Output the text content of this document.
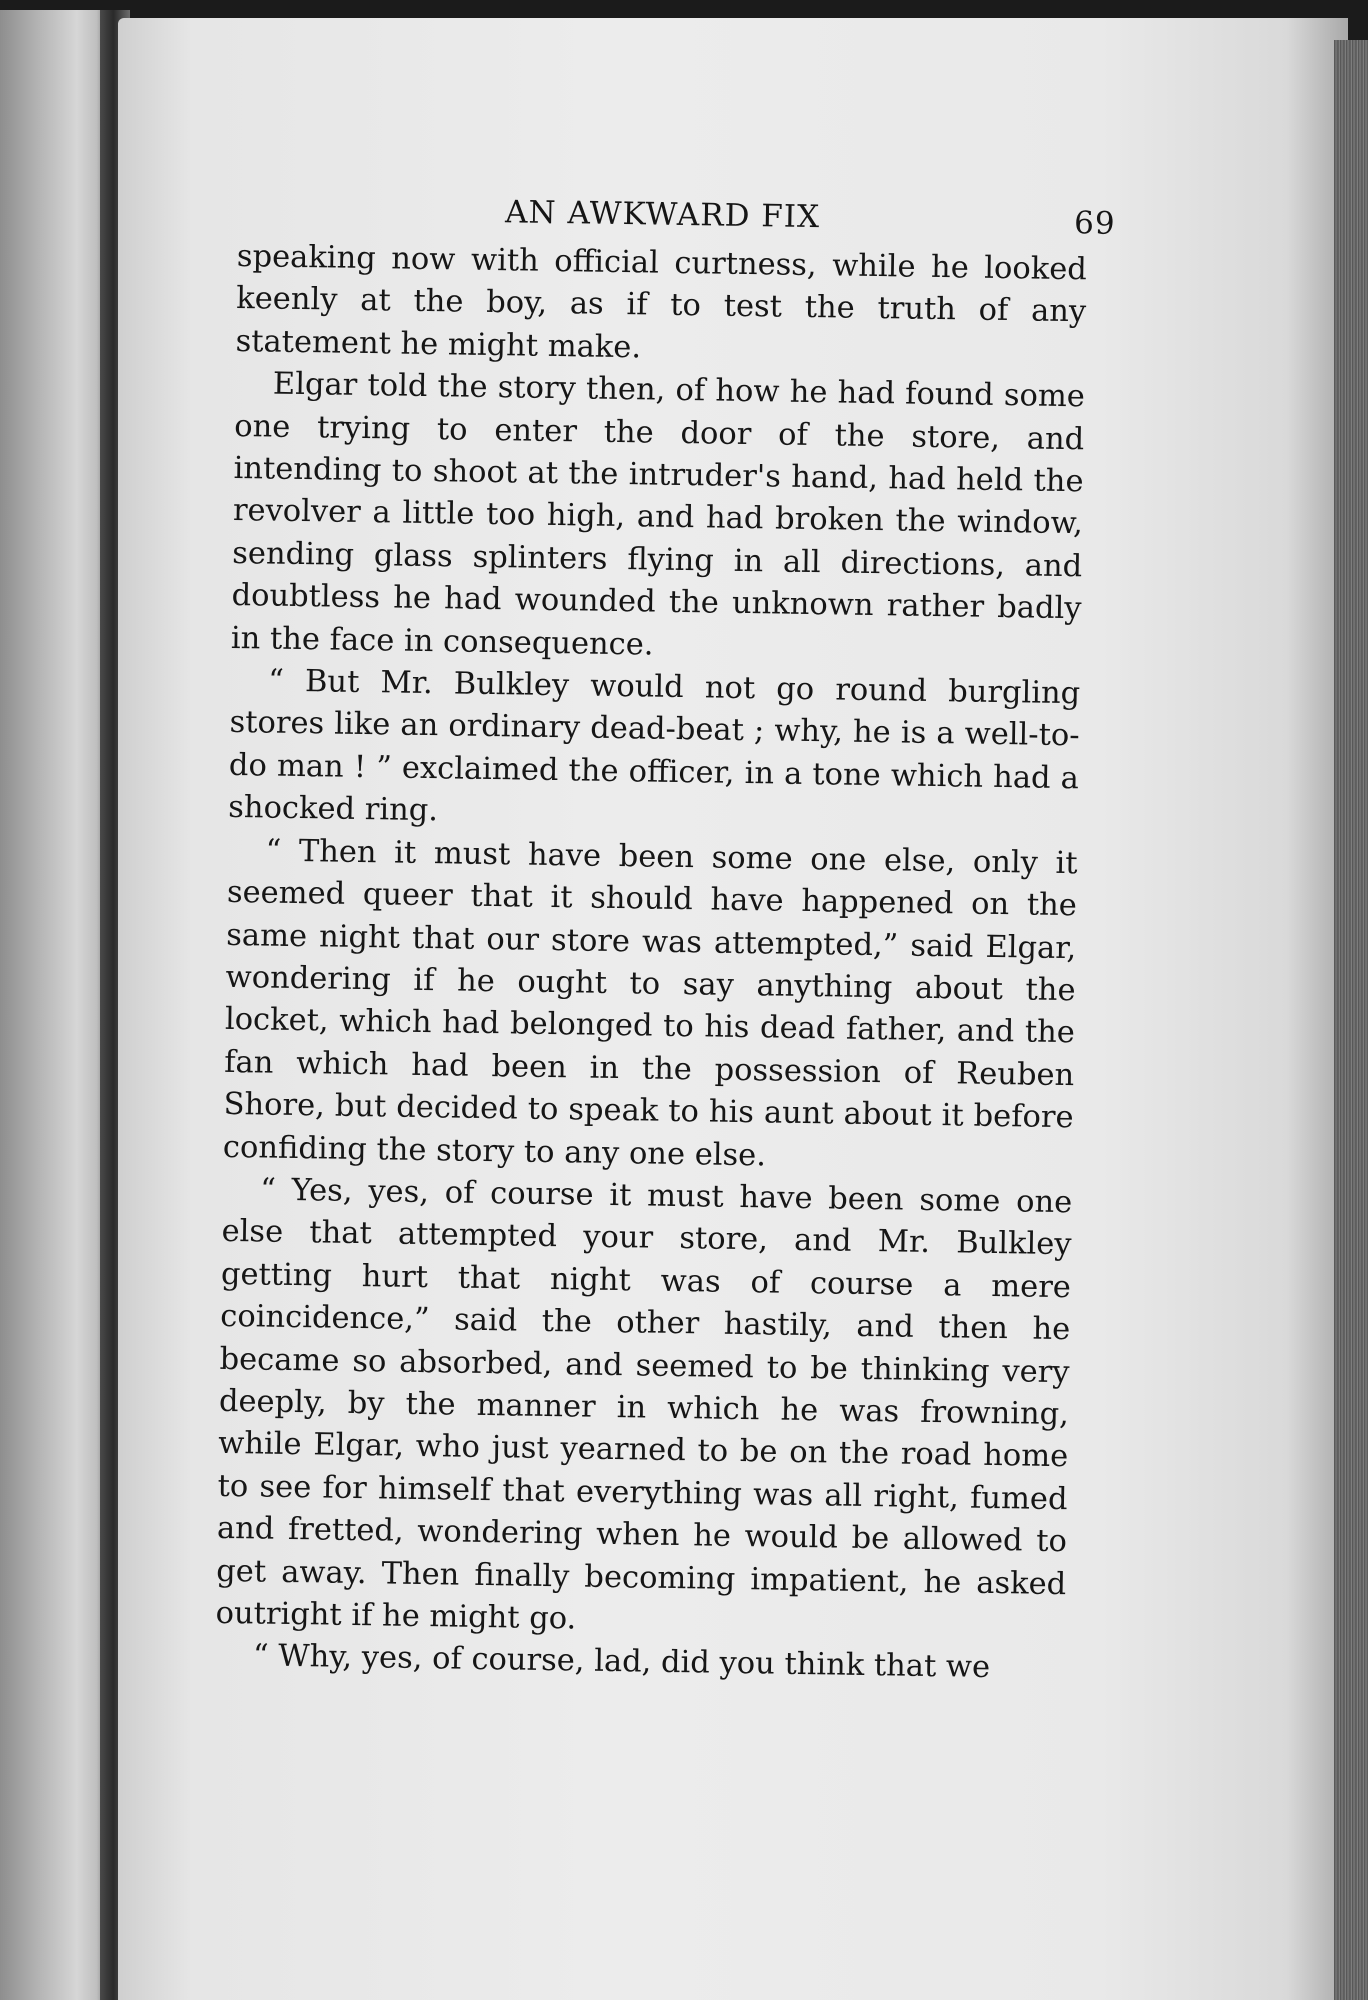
AN AWKWARD FIX	69

speaking now with official curtness, while he looked keenly at the boy, as if to test the truth of any statement he might make.

Elgar told the story then, of how he had found some one trying to enter the door of the store, and intending to shoot at the intruder's hand, had held the revolver a little too high, and had broken the window, sending glass splinters flying in all directions, and doubtless he had wounded the unknown rather badly in the face in consequence.

“ But Mr. Bulkley would not go round burgling stores like an ordinary dead-beat ; why, he is a well-to-do man ! ” exclaimed the officer, in a tone which had a shocked ring.

“ Then it must have been some one else, only it seemed queer that it should have happened on the same night that our store was attempted,” said Elgar, wondering if he ought to say anything about the locket, which had belonged to his dead father, and the fan which had been in the possession of Reuben Shore, but decided to speak to his aunt about it before confiding the story to any one else.

“ Yes, yes, of course it must have been some one else that attempted your store, and Mr. Bulkley getting hurt that night was of course a mere coincidence,” said the other hastily, and then he became so absorbed, and seemed to be thinking very deeply, by the manner in which he was frowning, while Elgar, who just yearned to be on the road home to see for himself that everything was all right, fumed and fretted, wondering when he would be allowed to get away. Then finally becoming impatient, he asked outright if he might go.

“ Why, yes, of course, lad, did you think that we
